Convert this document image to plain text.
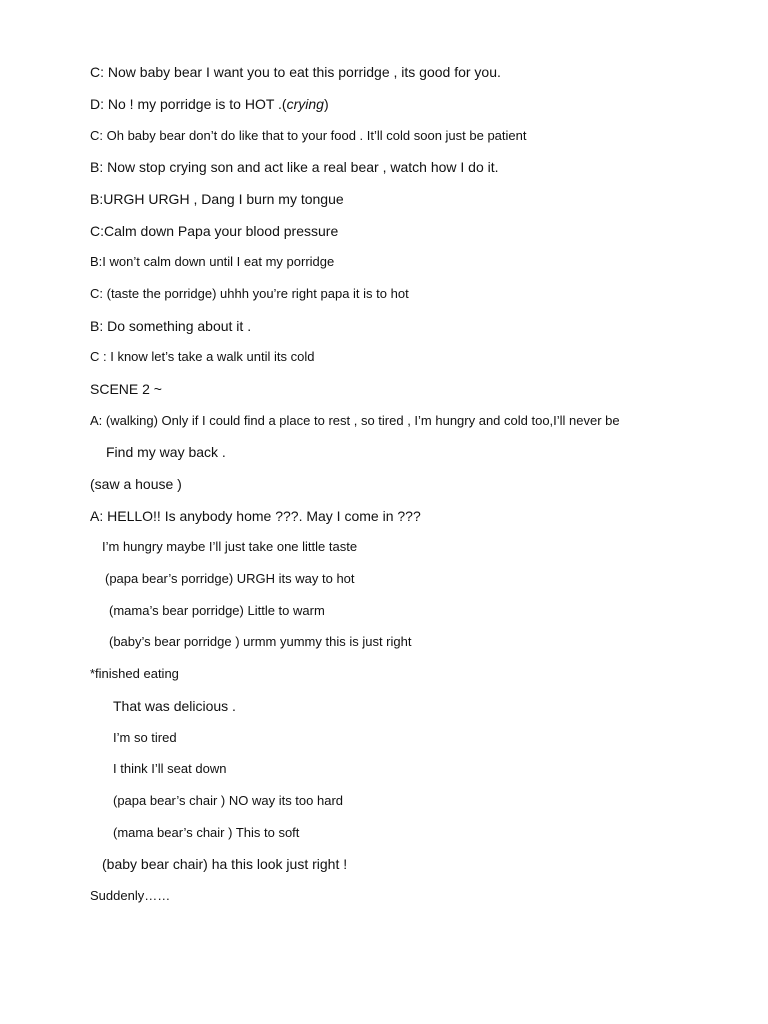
C: Now baby bear I want you to eat this porridge , its good for you.
D: No ! my porridge is to HOT .(crying)
C: Oh baby bear don’t do like that to your food . It’ll cold soon just be patient
B: Now stop crying son and act like a real bear , watch how I do it.
B:URGH URGH , Dang I burn my tongue
C:Calm down Papa your blood pressure
B:I won’t calm down until I eat my porridge
C: (taste the porridge) uhhh you’re right papa it is to hot
B: Do something about it .
C : I know let’s take a walk until its cold
SCENE 2 ~
A: (walking) Only if I could find a place to rest , so tired , I’m hungry and cold too,I’ll never be
Find my way back .
(saw a house )
A: HELLO!! Is anybody home ???. May I come in ???
I’m hungry maybe I’ll just take one little taste
(papa bear’s porridge) URGH its way to hot
(mama’s bear porridge) Little to warm
(baby’s bear porridge ) urmm yummy this is just right
*finished eating
That was delicious .
I’m so tired
I think I’ll seat down
(papa bear’s chair ) NO way its too hard
(mama bear’s chair ) This to soft
(baby bear chair) ha this look just right !
Suddenly……
